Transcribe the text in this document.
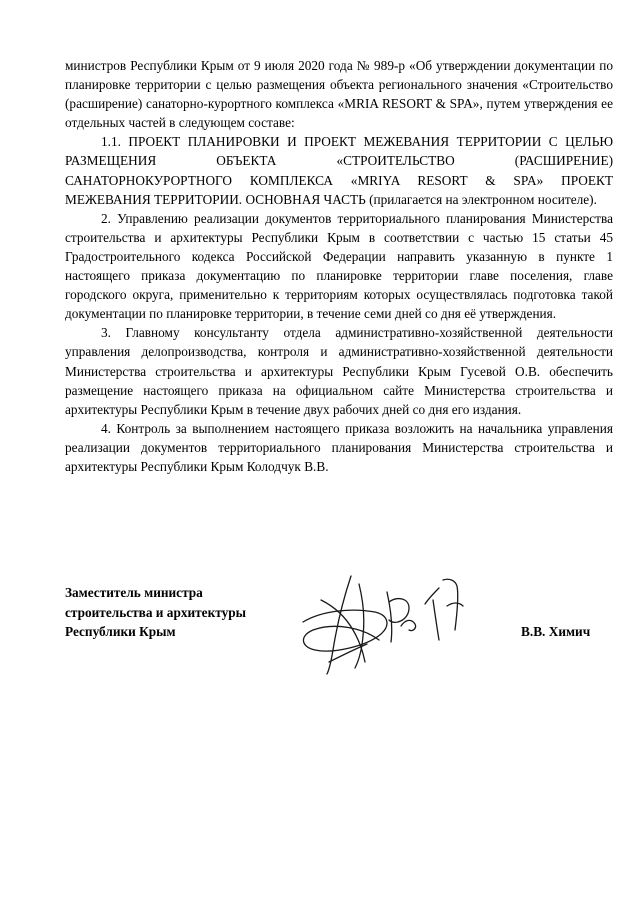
министров Республики Крым от 9 июля 2020 года № 989-р «Об утверждении документации по планировке территории с целью размещения объекта регионального значения «Строительство (расширение) санаторно-курортного комплекса «MRIA RESORT & SPA», путем утверждения ее отдельных частей в следующем составе:

1.1. ПРОЕКТ ПЛАНИРОВКИ И ПРОЕКТ МЕЖЕВАНИЯ ТЕРРИТОРИИ С ЦЕЛЬЮ РАЗМЕЩЕНИЯ ОБЪЕКТА «СТРОИТЕЛЬСТВО (РАСШИРЕНИЕ) САНАТОРНОКУРОРТНОГО КОМПЛЕКСА «MRIYA RESORT & SPA» ПРОЕКТ МЕЖЕВАНИЯ ТЕРРИТОРИИ. ОСНОВНАЯ ЧАСТЬ (прилагается на электронном носителе).

2. Управлению реализации документов территориального планирования Министерства строительства и архитектуры Республики Крым в соответствии с частью 15 статьи 45 Градостроительного кодекса Российской Федерации направить указанную в пункте 1 настоящего приказа документацию по планировке территории главе поселения, главе городского округа, применительно к территориям которых осуществлялась подготовка такой документации по планировке территории, в течение семи дней со дня её утверждения.

3. Главному консультанту отдела административно-хозяйственной деятельности управления делопроизводства, контроля и административно-хозяйственной деятельности Министерства строительства и архитектуры Республики Крым Гусевой О.В. обеспечить размещение настоящего приказа на официальном сайте Министерства строительства и архитектуры Республики Крым в течение двух рабочих дней со дня его издания.

4. Контроль за выполнением настоящего приказа возложить на начальника управления реализации документов территориального планирования Министерства строительства и архитектуры Республики Крым Колодчук В.В.

Заместитель министра
строительства и архитектуры
Республики Крым	В.В. Химич
